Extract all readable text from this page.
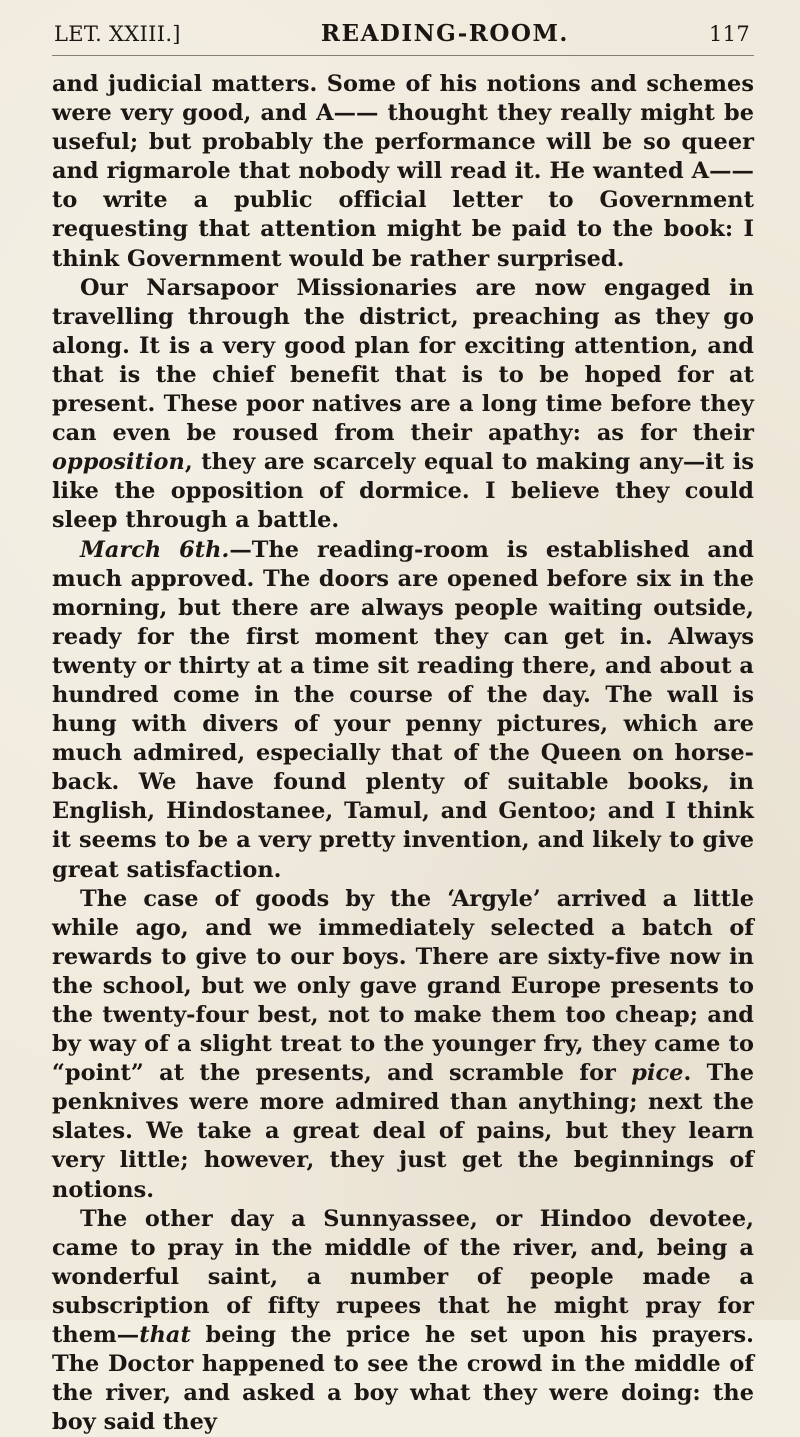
LET. XXIII.]	READING-ROOM.	117

and judicial matters. Some of his notions and schemes were very good, and A—— thought they really might be useful; but probably the performance will be so queer and rigmarole that nobody will read it. He wanted A—— to write a public official letter to Government requesting that attention might be paid to the book: I think Government would be rather surprised.

Our Narsapoor Missionaries are now engaged in travelling through the district, preaching as they go along. It is a very good plan for exciting attention, and that is the chief benefit that is to be hoped for at present. These poor natives are a long time before they can even be roused from their apathy: as for their opposition, they are scarcely equal to making any—it is like the opposition of dormice. I believe they could sleep through a battle.

March 6th.—The reading-room is established and much approved. The doors are opened before six in the morning, but there are always people waiting outside, ready for the first moment they can get in. Always twenty or thirty at a time sit reading there, and about a hundred come in the course of the day. The wall is hung with divers of your penny pictures, which are much admired, especially that of the Queen on horse-back. We have found plenty of suitable books, in English, Hindostanee, Tamul, and Gentoo; and I think it seems to be a very pretty invention, and likely to give great satisfaction.

The case of goods by the ‘Argyle’ arrived a little while ago, and we immediately selected a batch of rewards to give to our boys. There are sixty-five now in the school, but we only gave grand Europe presents to the twenty-four best, not to make them too cheap; and by way of a slight treat to the younger fry, they came to “point” at the presents, and scramble for pice. The penknives were more admired than anything; next the slates. We take a great deal of pains, but they learn very little; however, they just get the beginnings of notions.

The other day a Sunnyassee, or Hindoo devotee, came to pray in the middle of the river, and, being a wonderful saint, a number of people made a subscription of fifty rupees that he might pray for them—that being the price he set upon his prayers. The Doctor happened to see the crowd in the middle of the river, and asked a boy what they were doing: the boy said they
